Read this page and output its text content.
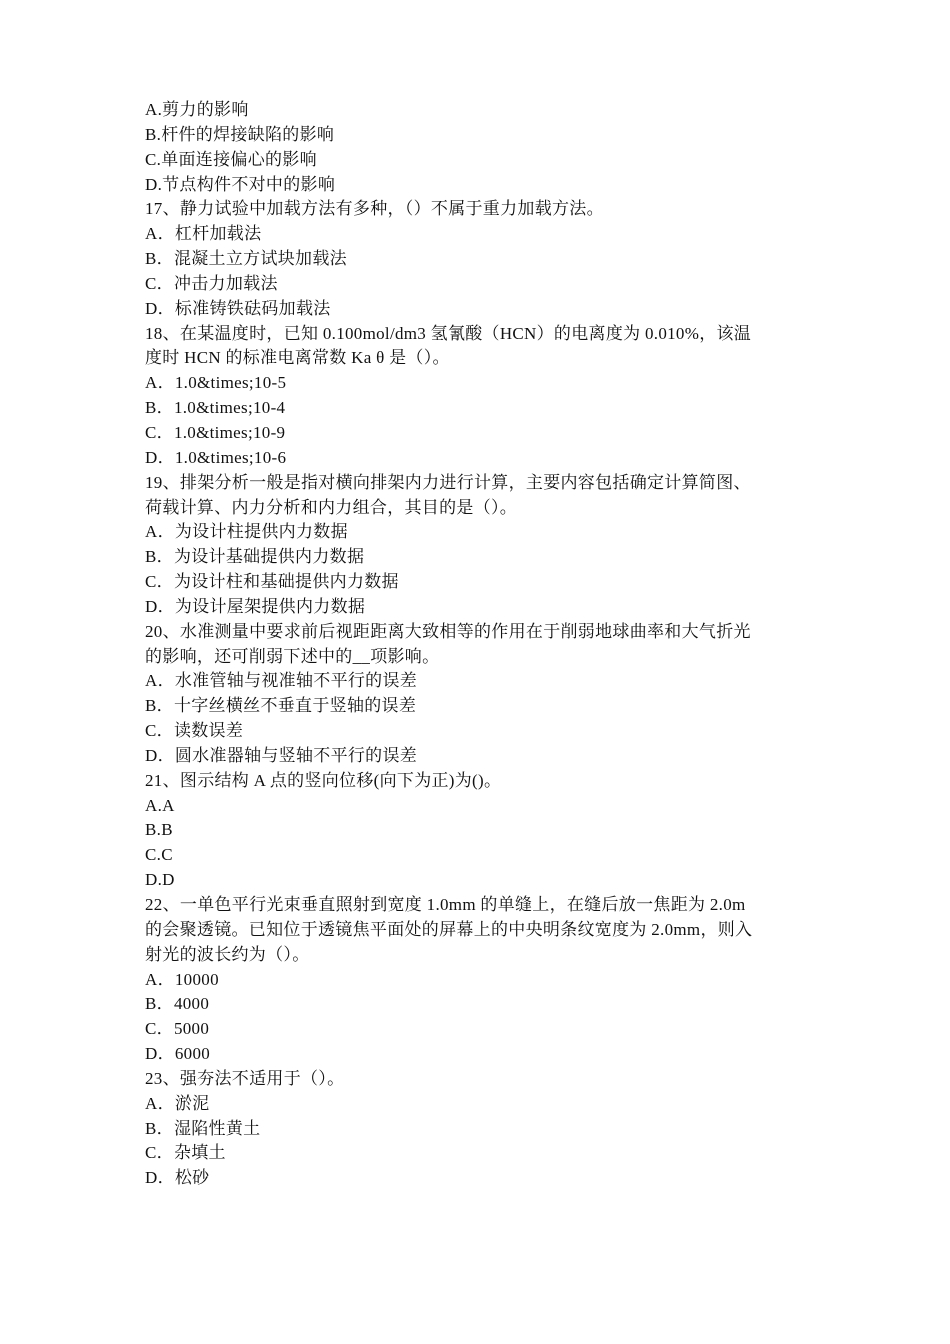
A.剪力的影响
B.杆件的焊接缺陷的影响
C.单面连接偏心的影响
D.节点构件不对中的影响
17、静力试验中加载方法有多种，（）不属于重力加载方法。
A．杠杆加载法
B．混凝土立方试块加载法
C．冲击力加载法
D．标准铸铁砝码加载法
18、在某温度时，已知 0.100mol/dm3 氢氰酸（HCN）的电离度为 0.010%，该温
度时 HCN 的标准电离常数 Ka θ 是（）。
A．1.0&times;10-5
B．1.0&times;10-4
C．1.0&times;10-9
D．1.0&times;10-6
19、排架分析一般是指对横向排架内力进行计算，主要内容包括确定计算简图、
荷载计算、内力分析和内力组合，其目的是（）。
A．为设计柱提供内力数据
B．为设计基础提供内力数据
C．为设计柱和基础提供内力数据
D．为设计屋架提供内力数据
20、水准测量中要求前后视距距离大致相等的作用在于削弱地球曲率和大气折光
的影响，还可削弱下述中的__项影响。
A．水准管轴与视准轴不平行的误差
B．十字丝横丝不垂直于竖轴的误差
C．读数误差
D．圆水准器轴与竖轴不平行的误差
21、图示结构 A 点的竖向位移(向下为正)为()。
A.A
B.B
C.C
D.D
22、一单色平行光束垂直照射到宽度 1.0mm 的单缝上，在缝后放一焦距为 2.0m
的会聚透镜。已知位于透镜焦平面处的屏幕上的中央明条纹宽度为 2.0mm，则入
射光的波长约为（）。
A．10000
B．4000
C．5000
D．6000
23、强夯法不适用于（）。
A．淤泥
B．湿陷性黄土
C．杂填土
D．松砂
